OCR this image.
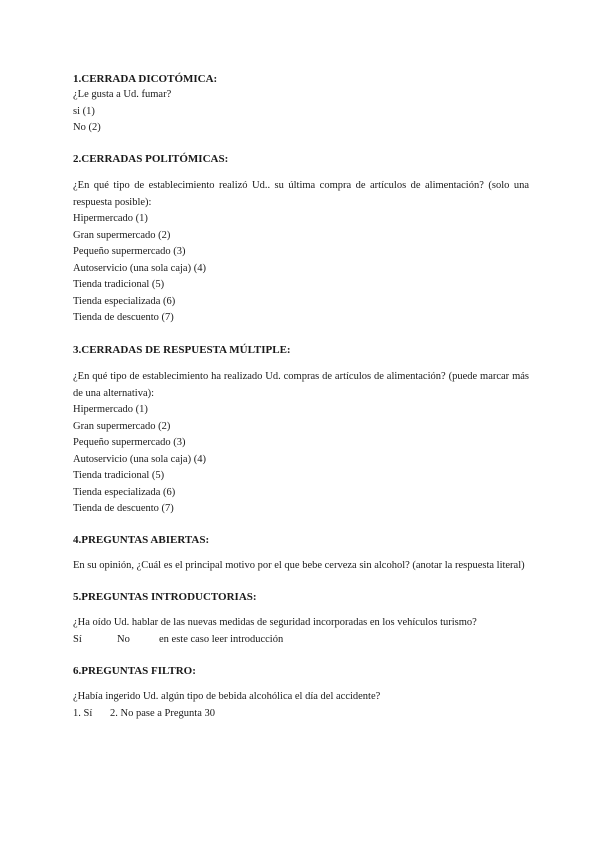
1.CERRADA DICOTÓMICA:

¿Le gusta a Ud. fumar?

si (1)

No (2)

2.CERRADAS POLITÓMICAS:

¿En qué tipo de establecimiento realizó Ud.. su última compra de artículos de alimentación? (solo una respuesta posible):

Hipermercado (1)

Gran supermercado (2)

Pequeño supermercado (3)

Autoservicio (una sola caja) (4)

Tienda tradicional (5)

Tienda especializada (6)

Tienda de descuento (7)

3.CERRADAS DE RESPUESTA MÚLTIPLE:

¿En qué tipo de establecimiento ha realizado Ud. compras de artículos de alimentación? (puede marcar más de una alternativa):

Hipermercado (1)

Gran supermercado (2)

Pequeño supermercado (3)

Autoservicio (una sola caja) (4)

Tienda tradicional (5)

Tienda especializada (6)

Tienda de descuento (7)

4.PREGUNTAS ABIERTAS:

En su opinión, ¿Cuál es el principal motivo por el que bebe cerveza sin alcohol? (anotar la respuesta literal)

5.PREGUNTAS INTRODUCTORIAS:

¿Ha oído Ud. hablar de las nuevas medidas de seguridad incorporadas en los vehículos turismo?

Sí	No	en este caso leer introducción

6.PREGUNTAS FILTRO:

¿Había ingerido Ud. algún tipo de bebida alcohólica el día del accidente?

1. Sí	2. No pase a Pregunta 30
